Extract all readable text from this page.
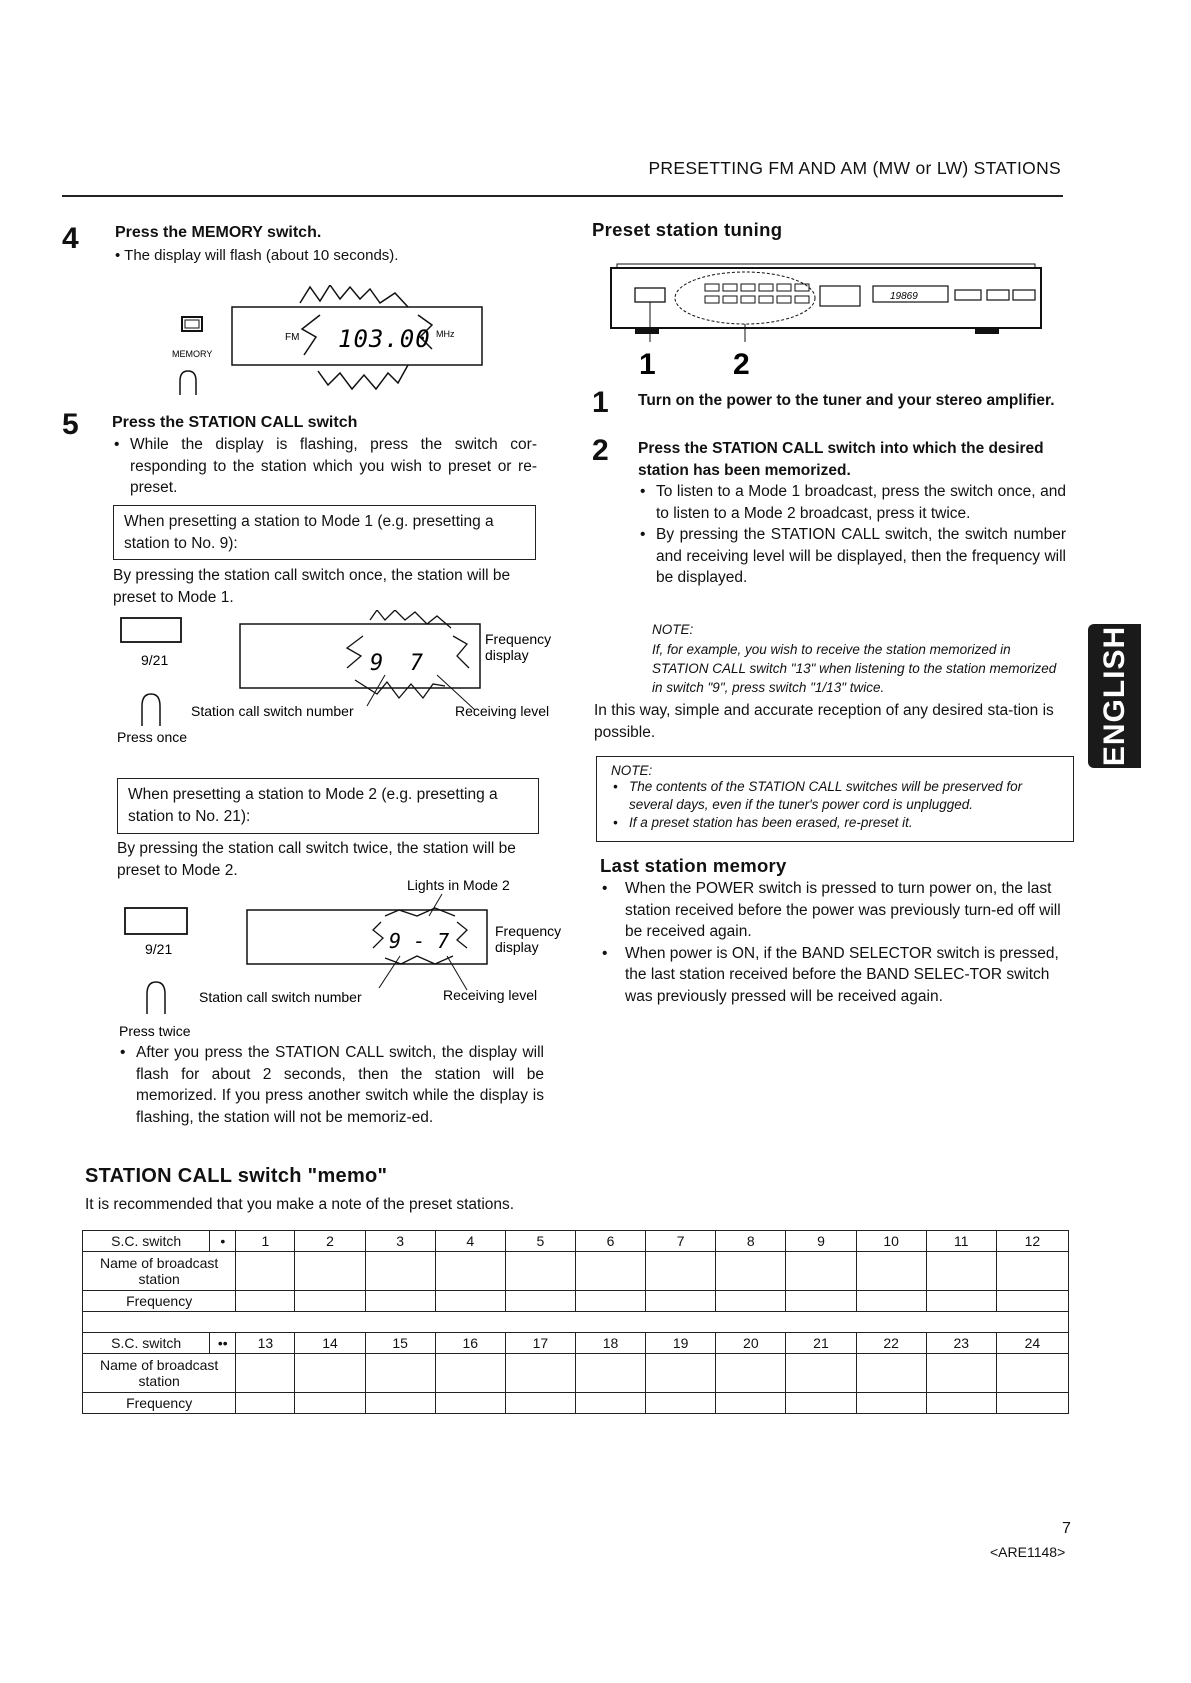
PRESETTING FM AND AM (MW or LW) STATIONS
4 Press the MEMORY switch.
• The display will flash (about 10 seconds).
MEMORY
FM 103.00 MHz
5 Press the STATION CALL switch
• While the display is flashing, press the switch cor-responding to the station which you wish to preset or re-preset.
When presetting a station to Mode 1 (e.g. presetting a station to No. 9):
By pressing the station call switch once, the station will be preset to Mode 1.
9/21	9  7
Frequency
display
Station call switch number	Receiving level
Press once
When presetting a station to Mode 2 (e.g. presetting a station to No. 21):
By pressing the station call switch twice, the station will be preset to Mode 2.
Lights in Mode 2
9/21	9 - 7	Frequency
display
Station call switch number	Receiving level
Press twice
• After you press the STATION CALL switch, the display will flash for about 2 seconds, then the station will be memorized. If you press another switch while the display is flashing, the station will not be memoriz-ed.
Preset station tuning
19869
1	2
1 Turn on the power to the tuner and your stereo amplifier.
2 Press the STATION CALL switch into which the desired station has been memorized.
• To listen to a Mode 1 broadcast, press the switch once, and to listen to a Mode 2 broadcast, press it twice.
• By pressing the STATION CALL switch, the switch number and receiving level will be displayed, then the frequency will be displayed.
NOTE:
If, for example, you wish to receive the station memorized in STATION CALL switch "13" when listening to the station memorized in switch "9", press switch "1/13" twice.
In this way, simple and accurate reception of any desired sta-tion is possible.
NOTE:
• The contents of the STATION CALL switches will be preserved for several days, even if the tuner's power cord is unplugged.
• If a preset station has been erased, re-preset it.
Last station memory
• When the POWER switch is pressed to turn power on, the last station received before the power was previously turn-ed off will be received again.
• When power is ON, if the BAND SELECTOR switch is pressed, the last station received before the BAND SELEC-TOR switch was previously pressed will be received again.
ENGLISH
STATION CALL switch "memo"
It is recommended that you make a note of the preset stations.
S.C. switch	•	1	2	3	4	5	6	7	8	9	10	11	12

Name of broadcast
station													

Frequency													

S.C. switch	••	13	14	15	16	17	18	19	20	21	22	23	24

Name of broadcast
station													

Frequency													
7
<ARE1148>
